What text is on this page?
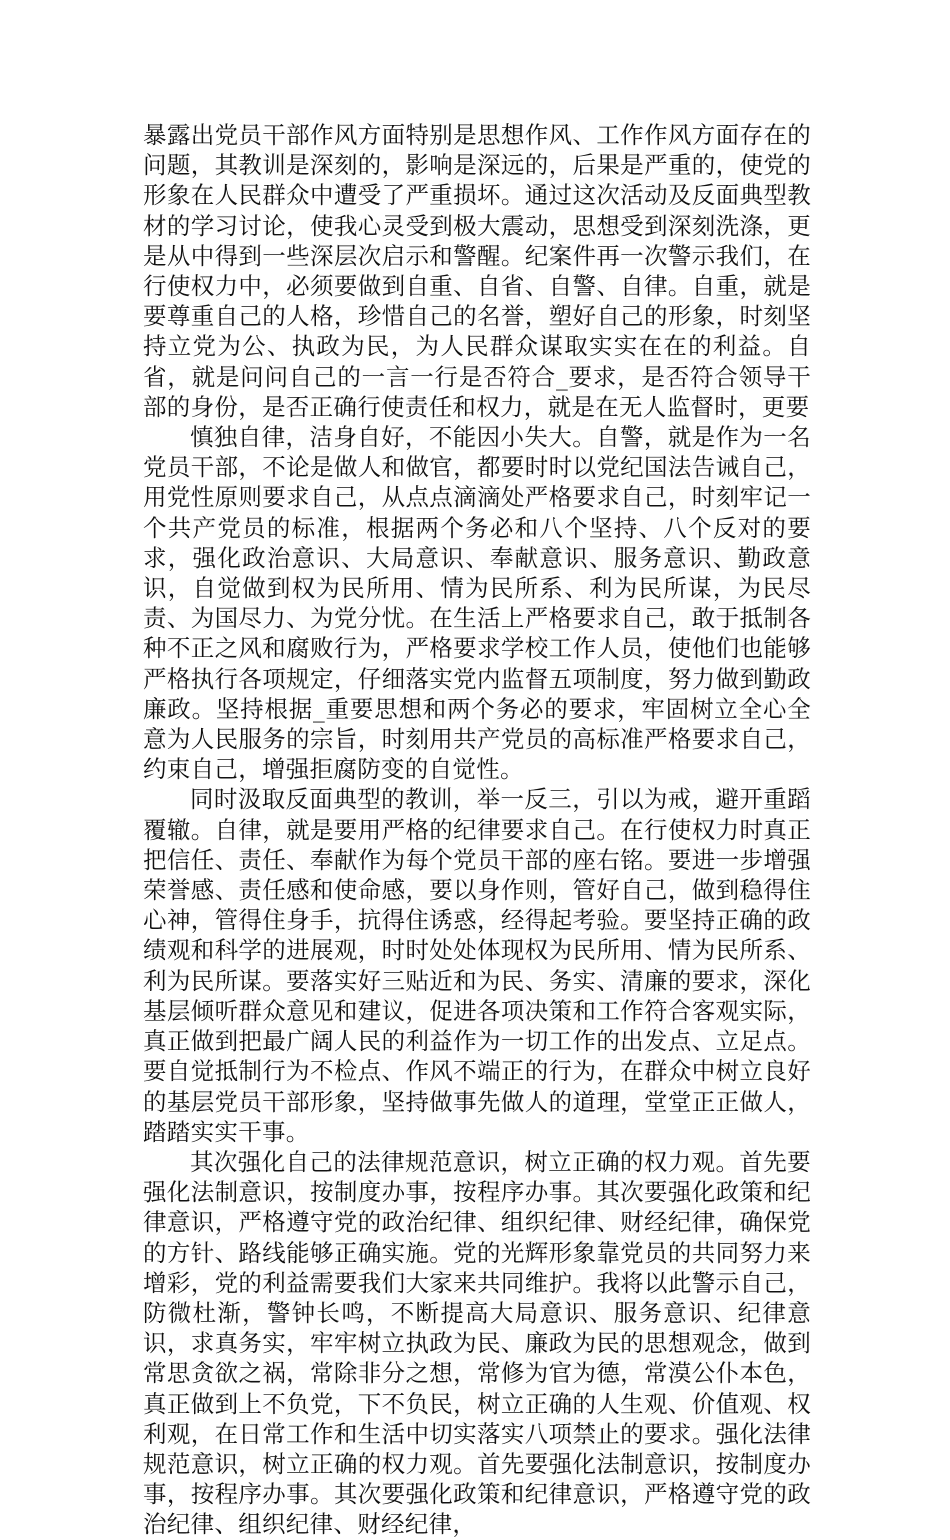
暴露出党员干部作风方面特别是思想作风、工作作风方面存在的问题，其教训是深刻的，影响是深远的，后果是严重的，使党的形象在人民群众中遭受了严重损坏。通过这次活动及反面典型教材的学习讨论，使我心灵受到极大震动，思想受到深刻洗涤，更是从中得到一些深层次启示和警醒。纪案件再一次警示我们，在行使权力中，必须要做到自重、自省、自警、自律。自重，就是要尊重自己的人格，珍惜自己的名誉，塑好自己的形象，时刻坚持立党为公、执政为民，为人民群众谋取实实在在的利益。自省，就是问问自己的一言一行是否符合_要求，是否符合领导干部的身份，是否正确行使责任和权力，就是在无人监督时，更要

慎独自律，洁身自好，不能因小失大。自警，就是作为一名党员干部，不论是做人和做官，都要时时以党纪国法告诫自己，用党性原则要求自己，从点点滴滴处严格要求自己，时刻牢记一个共产党员的标准，根据两个务必和八个坚持、八个反对的要求，强化政治意识、大局意识、奉献意识、服务意识、勤政意识，自觉做到权为民所用、情为民所系、利为民所谋，为民尽责、为国尽力、为党分忧。在生活上严格要求自己，敢于抵制各种不正之风和腐败行为，严格要求学校工作人员，使他们也能够严格执行各项规定，仔细落实党内监督五项制度，努力做到勤政廉政。坚持根据_重要思想和两个务必的要求，牢固树立全心全意为人民服务的宗旨，时刻用共产党员的高标准严格要求自己，约束自己，增强拒腐防变的自觉性。

同时汲取反面典型的教训，举一反三，引以为戒，避开重蹈覆辙。自律，就是要用严格的纪律要求自己。在行使权力时真正把信任、责任、奉献作为每个党员干部的座右铭。要进一步增强荣誉感、责任感和使命感，要以身作则，管好自己，做到稳得住心神，管得住身手，抗得住诱惑，经得起考验。要坚持正确的政绩观和科学的进展观，时时处处体现权为民所用、情为民所系、利为民所谋。要落实好三贴近和为民、务实、清廉的要求，深化基层倾听群众意见和建议，促进各项决策和工作符合客观实际，真正做到把最广阔人民的利益作为一切工作的出发点、立足点。要自觉抵制行为不检点、作风不端正的行为，在群众中树立良好的基层党员干部形象，坚持做事先做人的道理，堂堂正正做人，踏踏实实干事。

其次强化自己的法律规范意识，树立正确的权力观。首先要强化法制意识，按制度办事，按程序办事。其次要强化政策和纪律意识，严格遵守党的政治纪律、组织纪律、财经纪律，确保党的方针、路线能够正确实施。党的光辉形象靠党员的共同努力来增彩，党的利益需要我们大家来共同维护。我将以此警示自己，防微杜渐，警钟长鸣，不断提高大局意识、服务意识、纪律意识，求真务实，牢牢树立执政为民、廉政为民的思想观念，做到常思贪欲之祸，常除非分之想，常修为官为德，常漠公仆本色，真正做到上不负党，下不负民，树立正确的人生观、价值观、权利观，在日常工作和生活中切实落实八项禁止的要求。强化法律规范意识，树立正确的权力观。首先要强化法制意识，按制度办事，按程序办事。其次要强化政策和纪律意识，严格遵守党的政治纪律、组织纪律、财经纪律，
